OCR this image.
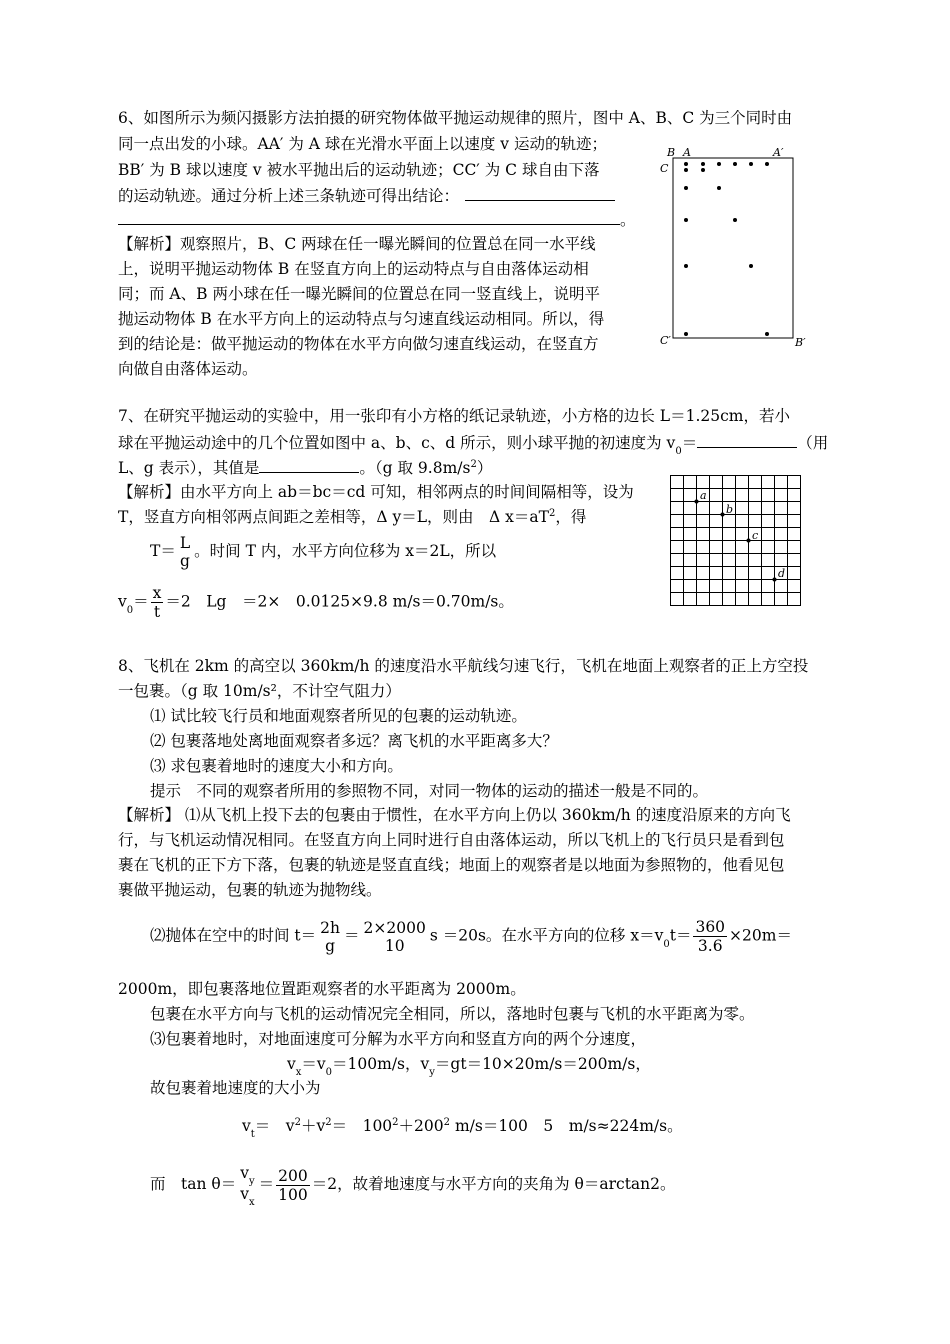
6、如图所示为频闪摄影方法拍摄的研究物体做平抛运动规律的照片，图中 A、B、C 为三个同时由
同一点出发的小球。AA′ 为 A 球在光滑水平面上以速度 v 运动的轨迹；
BB′ 为 B 球以速度 v 被水平抛出后的运动轨迹；CC′ 为 C 球自由下落
的运动轨迹。通过分析上述三条轨迹可得出结论：
。
【解析】观察照片，B、C 两球在任一曝光瞬间的位置总在同一水平线
上，说明平抛运动物体 B 在竖直方向上的运动特点与自由落体运动相
同；而 A、B 两小球在任一曝光瞬间的位置总在同一竖直线上，说明平
抛运动物体 B 在水平方向上的运动特点与匀速直线运动相同。所以，得
到的结论是：做平抛运动的物体在水平方向做匀速直线运动，在竖直方
向做自由落体运动。
B A	A′
C
C′	B′
7、在研究平抛运动的实验中，用一张印有小方格的纸记录轨迹，小方格的边长 L＝1.25cm，若小
球在平抛运动途中的几个位置如图中 a、b、c、d 所示，则小球平抛的初速度为 $v_0=$	（用
L、g 表示），其值是	。（g 取 $9.8m/s^2$）
【解析】由水平方向上 ab＝bc＝cd 可知，相邻两点的时间间隔相等，设为
T，竖直方向相邻两点间距之差相等，Δ y＝L，则由　Δ $x=aT^2$，得
T＝ L
g
。时间 T 内，水平方向位移为 x＝2L，所以
$v_0= \frac{x}{t} =2$　Lg　＝2×　0.0125×9.8 m/s＝0.70m/s。
a
b
c
d
8、飞机在 2km 的高空以 360km/h 的速度沿水平航线匀速飞行，飞机在地面上观察者的正上方空投
一包裹。（g 取 10m/s²，不计空气阻力）
⑴ 试比较飞行员和地面观察者所见的包裹的运动轨迹。
⑵ 包裹落地处离地面观察者多远？离飞机的水平距离多大？
⑶ 求包裹着地时的速度大小和方向。
提示　不同的观察者所用的参照物不同，对同一物体的运动的描述一般是不同的。
【解析】 ⑴从飞机上投下去的包裹由于惯性，在水平方向上仍以 360km/h 的速度沿原来的方向飞
行，与飞机运动情况相同。在竖直方向上同时进行自由落体运动，所以飞机上的飞行员只是看到包
裹在飞机的正下方下落，包裹的轨迹是竖直直线；地面上的观察者是以地面为参照物的，他看见包
裹做平抛运动，包裹的轨迹为抛物线。
⑵抛体在空中的时间 t＝ 2h
g
＝ 2×2000
10
s ＝20s。在水平方向的位移 $x=v_0t= \frac{360}{3.6} \times 20m=$
2000m，即包裹落地位置距观察者的水平距离为 2000m。
包裹在水平方向与飞机的运动情况完全相同，所以，落地时包裹与飞机的水平距离为零。
⑶包裹着地时，对地面速度可分解为水平方向和竖直方向的两个分速度，
$v_x=v_0=100m/s$，$v_y=gt=10\times 20m/s=200m/s$，
故包裹着地速度的大小为
$v_t=$　$v^2+v^2=$　$100^2+200^2$ m/s＝100　5　m/s≈224m/s。
而　tan θ＝
$v_y$
$v_x$
＝ $\frac{200}{100} =2$，故着地速度与水平方向的夹角为 θ＝arctan2。
